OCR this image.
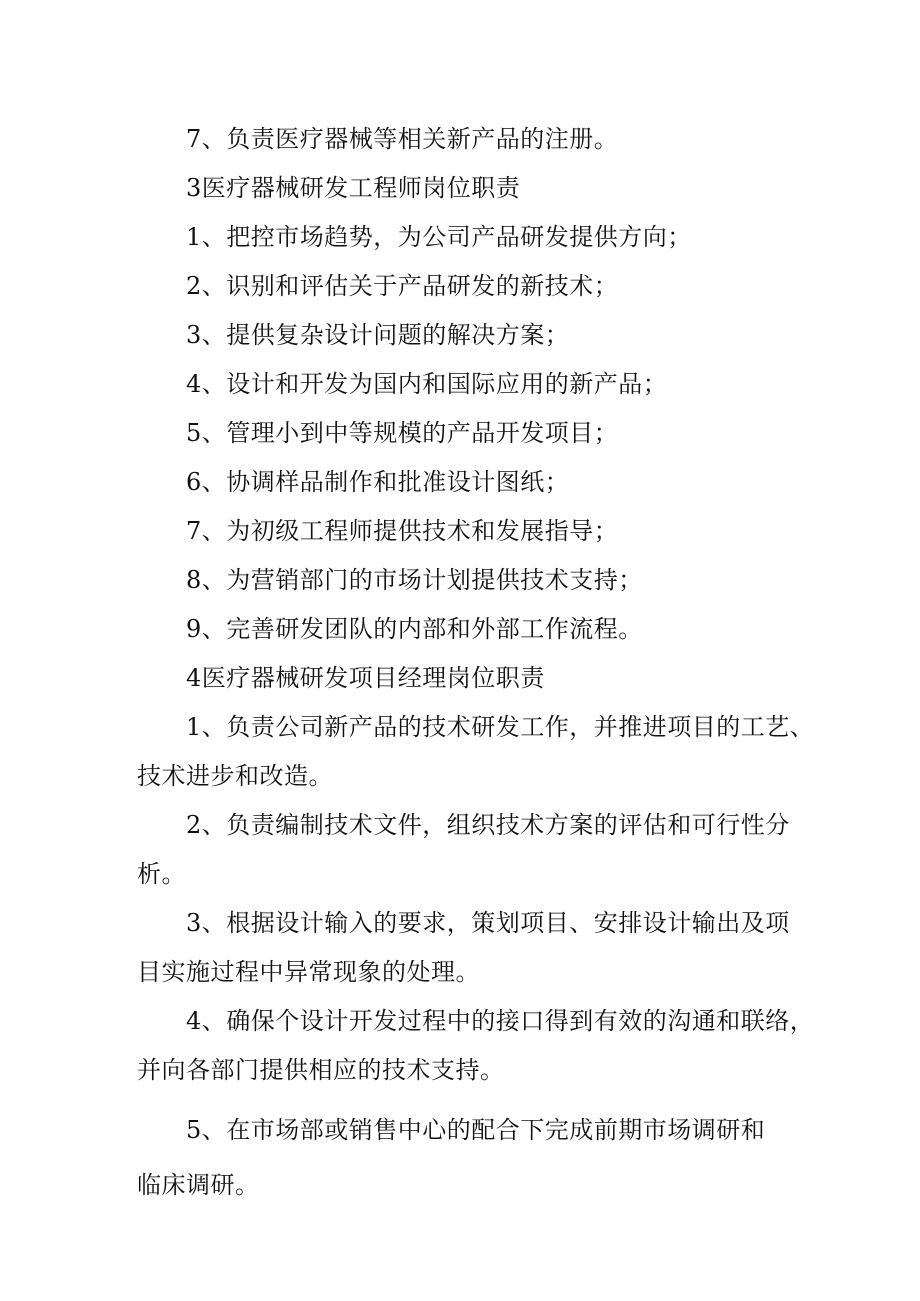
7、负责医疗器械等相关新产品的注册。
3医疗器械研发工程师岗位职责
1、把控市场趋势，为公司产品研发提供方向；
2、识别和评估关于产品研发的新技术；
3、提供复杂设计问题的解决方案；
4、设计和开发为国内和国际应用的新产品；
5、管理小到中等规模的产品开发项目；
6、协调样品制作和批准设计图纸；
7、为初级工程师提供技术和发展指导；
8、为营销部门的市场计划提供技术支持；
9、完善研发团队的内部和外部工作流程。
4医疗器械研发项目经理岗位职责
1、负责公司新产品的技术研发工作，并推进项目的工艺、
技术进步和改造。
2、负责编制技术文件，组织技术方案的评估和可行性分
析。
3、根据设计输入的要求，策划项目、安排设计输出及项
目实施过程中异常现象的处理。
4、确保个设计开发过程中的接口得到有效的沟通和联络，
并向各部门提供相应的技术支持。
5、在市场部或销售中心的配合下完成前期市场调研和
临床调研。
